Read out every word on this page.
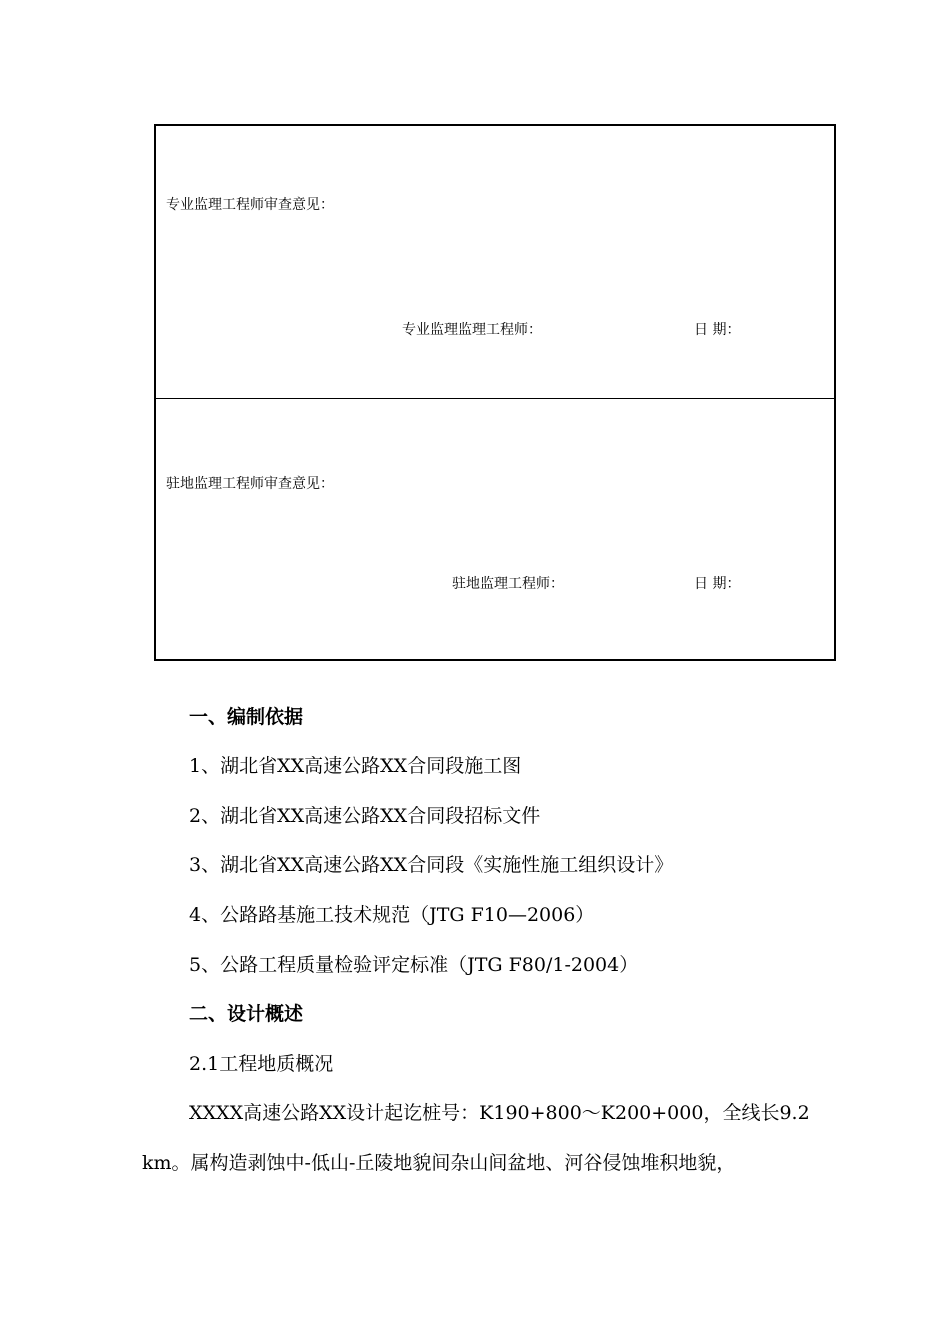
专业监理工程师审查意见：
专业监理监理工程师：	日 期：
驻地监理工程师审查意见：
驻地监理工程师：	日 期：
一、编制依据
1、湖北省XX高速公路XX合同段施工图
2、湖北省XX高速公路XX合同段招标文件
3、湖北省XX高速公路XX合同段《实施性施工组织设计》
4、公路路基施工技术规范（JTG F10—2006）
5、公路工程质量检验评定标准（JTG F80/1-2004）
二、设计概述
2.1工程地质概况
XXXX高速公路XX设计起讫桩号：K190+800～K200+000，全线长9.2
km。属构造剥蚀中-低山-丘陵地貌间杂山间盆地、河谷侵蚀堆积地貌，
